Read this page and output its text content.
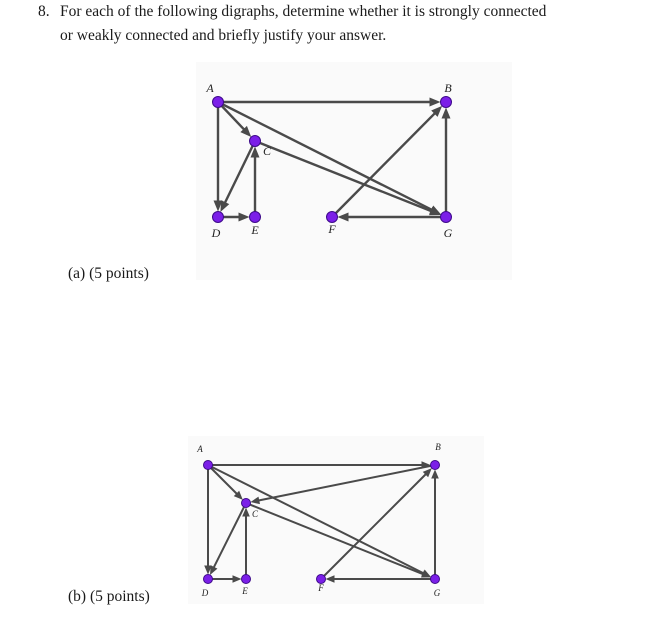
8. For each of the following digraphs, determine whether it is strongly connected
or weakly connected and briefly justify your answer.
A	B
C
D	E	F	G
(a) (5 points)
A	B
C
D	E	F	G
(b) (5 points)
